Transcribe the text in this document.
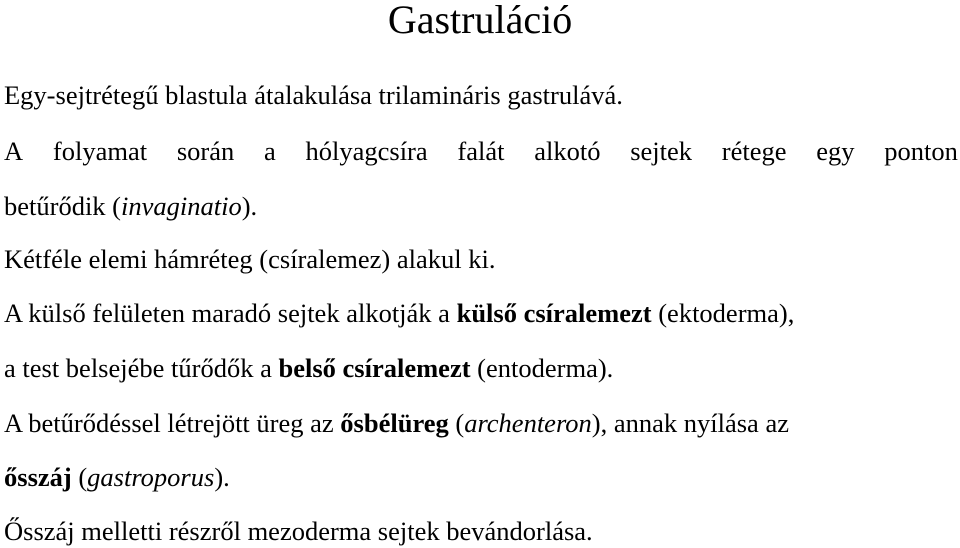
Gastruláció

Egy-sejtrétegű blastula átalakulása trilamináris gastrulává.

A folyamat során a hólyagcsíra falát alkotó sejtek rétege egy ponton

betűrődik (invaginatio).

Kétféle elemi hámréteg (csíralemez) alakul ki.

A külső felületen maradó sejtek alkotják a külső csíralemezt (ektoderma),

a test belsejébe tűrődők a belső csíralemezt (entoderma).

A betűrődéssel létrejött üreg az ősbélüreg (archenteron), annak nyílása az

ősszáj (gastroporus).

Ősszáj melletti részről mezoderma sejtek bevándorlása.
